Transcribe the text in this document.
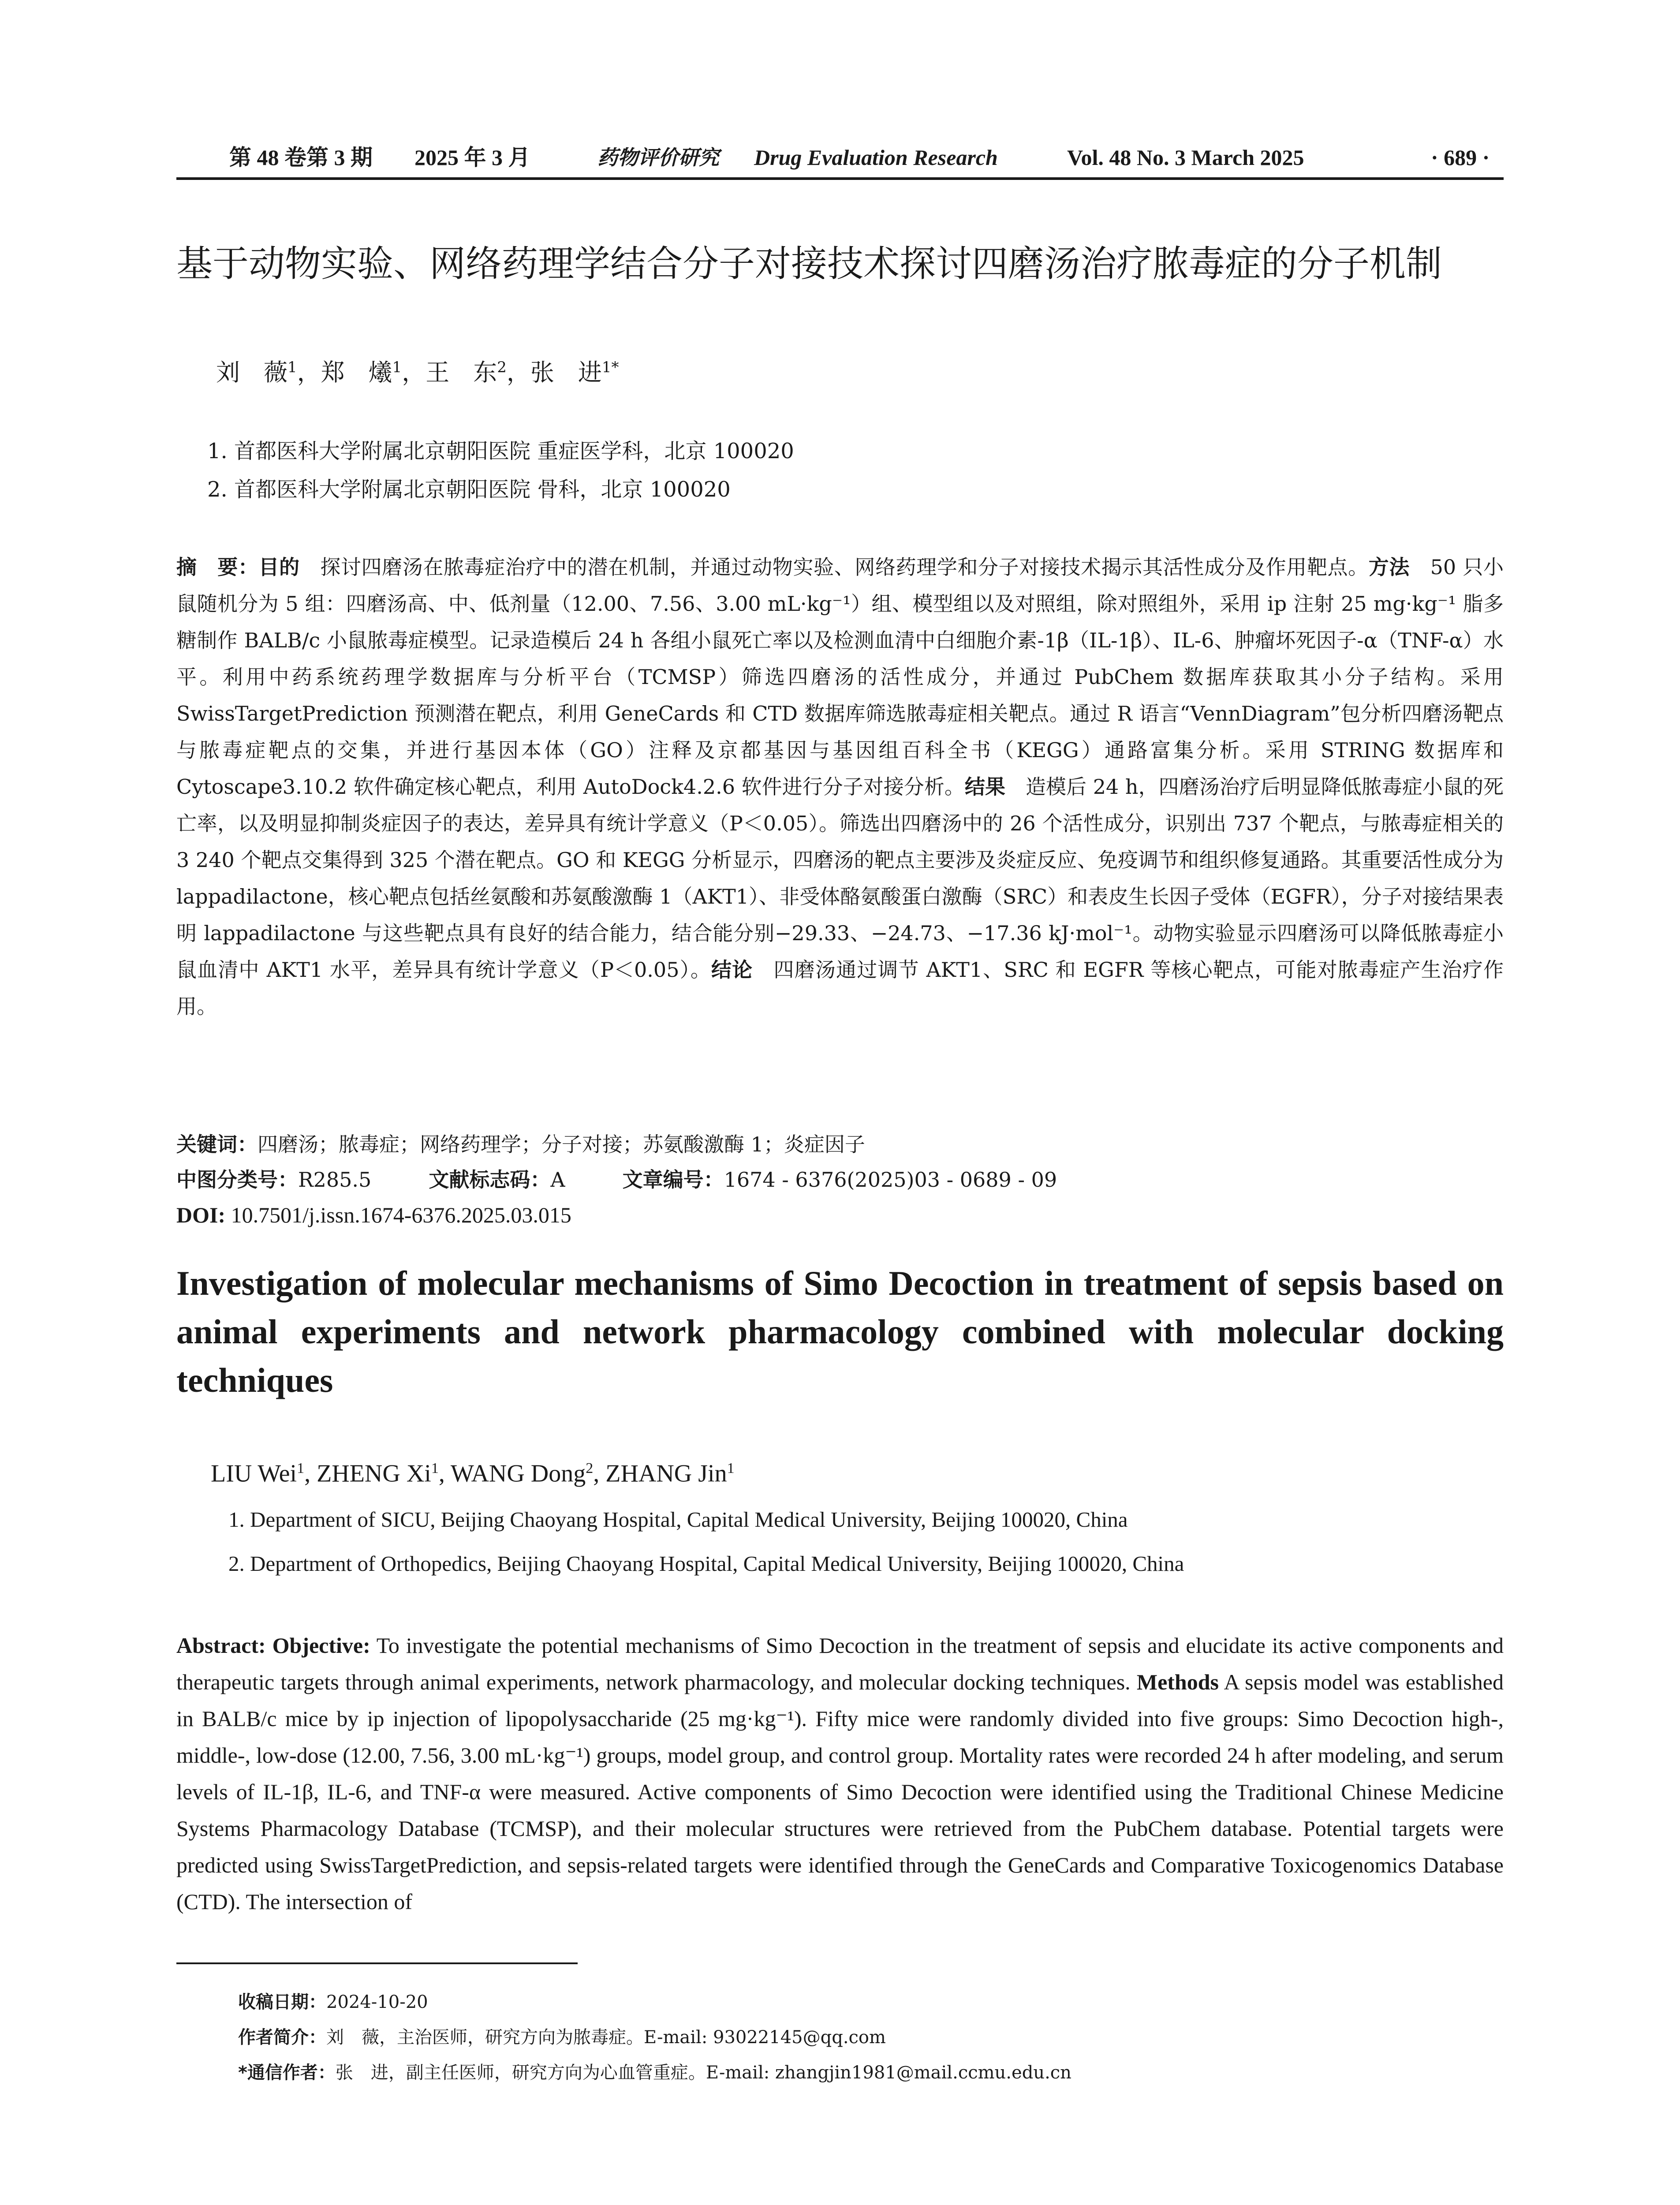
第 48 卷第 3 期 2025 年 3 月	药物评价研究 Drug Evaluation Research	Vol. 48 No. 3 March 2025	· 689 ·
基于动物实验、网络药理学结合分子对接技术探讨四磨汤治疗脓毒症的分子机制
刘　薇$^1$，郑　爔$^1$，王　东$^2$，张　进$^{1*}$
1. 首都医科大学附属北京朝阳医院 重症医学科，北京 100020
2. 首都医科大学附属北京朝阳医院 骨科，北京 100020

摘　要：目的　探讨四磨汤在脓毒症治疗中的潜在机制，并通过动物实验、网络药理学和分子对接技术揭示其活性成分及作用靶点。方法　50 只小鼠随机分为 5 组：四磨汤高、中、低剂量（12.00、7.56、3.00 mL·kg⁻¹）组、模型组以及对照组，除对照组外，采用 ip 注射 25 mg·kg⁻¹ 脂多糖制作 BALB/c 小鼠脓毒症模型。记录造模后 24 h 各组小鼠死亡率以及检测血清中白细胞介素-1β（IL-1β）、IL-6、肿瘤坏死因子-α（TNF-α）水平。利用中药系统药理学数据库与分析平台（TCMSP）筛选四磨汤的活性成分，并通过 PubChem 数据库获取其小分子结构。采用 SwissTargetPrediction 预测潜在靶点，利用 GeneCards 和 CTD 数据库筛选脓毒症相关靶点。通过 R 语言“VennDiagram”包分析四磨汤靶点与脓毒症靶点的交集，并进行基因本体（GO）注释及京都基因与基因组百科全书（KEGG）通路富集分析。采用 STRING 数据库和 Cytoscape3.10.2 软件确定核心靶点，利用 AutoDock4.2.6 软件进行分子对接分析。结果　造模后 24 h，四磨汤治疗后明显降低脓毒症小鼠的死亡率，以及明显抑制炎症因子的表达，差异具有统计学意义（P＜0.05）。筛选出四磨汤中的 26 个活性成分，识别出 737 个靶点，与脓毒症相关的 3 240 个靶点交集得到 325 个潜在靶点。GO 和 KEGG 分析显示，四磨汤的靶点主要涉及炎症反应、免疫调节和组织修复通路。其重要活性成分为 lappadilactone，核心靶点包括丝氨酸和苏氨酸激酶 1（AKT1）、非受体酪氨酸蛋白激酶（SRC）和表皮生长因子受体（EGFR），分子对接结果表明 lappadilactone 与这些靶点具有良好的结合能力，结合能分别−29.33、−24.73、−17.36 kJ·mol⁻¹。动物实验显示四磨汤可以降低脓毒症小鼠血清中 AKT1 水平，差异具有统计学意义（P＜0.05）。结论　四磨汤通过调节 AKT1、SRC 和 EGFR 等核心靶点，可能对脓毒症产生治疗作用。

关键词：四磨汤；脓毒症；网络药理学；分子对接；苏氨酸激酶 1；炎症因子
中图分类号：R285.5	文献标志码：A	文章编号：1674 - 6376(2025)03 - 0689 - 09
DOI: 10.7501/j.issn.1674-6376.2025.03.015
Investigation of molecular mechanisms of Simo Decoction in treatment of sepsis based on animal experiments and network pharmacology combined with molecular docking techniques
LIU Wei$^1$, ZHENG Xi$^1$, WANG Dong$^2$, ZHANG Jin$^1$
1. Department of SICU, Beijing Chaoyang Hospital, Capital Medical University, Beijing 100020, China
2. Department of Orthopedics, Beijing Chaoyang Hospital, Capital Medical University, Beijing 100020, China

Abstract: Objective: To investigate the potential mechanisms of Simo Decoction in the treatment of sepsis and elucidate its active components and therapeutic targets through animal experiments, network pharmacology, and molecular docking techniques. Methods A sepsis model was established in BALB/c mice by ip injection of lipopolysaccharide (25 mg·kg⁻¹). Fifty mice were randomly divided into five groups: Simo Decoction high-, middle-, low-dose (12.00, 7.56, 3.00 mL·kg⁻¹) groups, model group, and control group. Mortality rates were recorded 24 h after modeling, and serum levels of IL-1β, IL-6, and TNF-α were measured. Active components of Simo Decoction were identified using the Traditional Chinese Medicine Systems Pharmacology Database (TCMSP), and their molecular structures were retrieved from the PubChem database. Potential targets were predicted using SwissTargetPrediction, and sepsis-related targets were identified through the GeneCards and Comparative Toxicogenomics Database (CTD). The intersection of

收稿日期：2024-10-20
作者简介：刘　薇，主治医师，研究方向为脓毒症。E-mail: 93022145@qq.com
*通信作者：张　进，副主任医师，研究方向为心血管重症。E-mail: zhangjin1981@mail.ccmu.edu.cn
